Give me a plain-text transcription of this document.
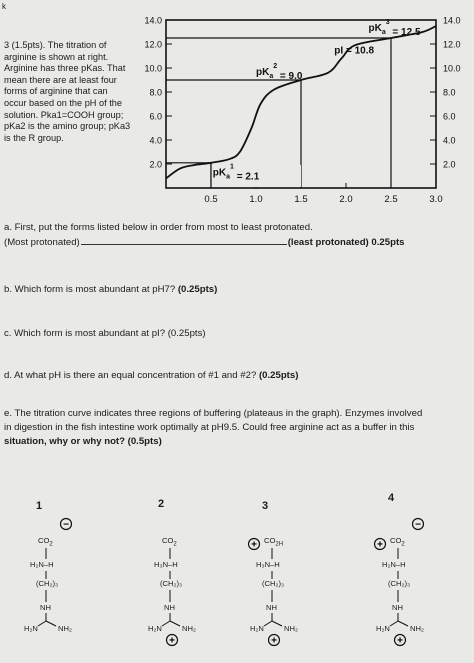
k
3 (1.5pts). The titration of arginine is shown at right. Arginine has three pKas. That mean there are at least four forms of arginine that can occur based on the pH of the solution. Pka1=COOH group; pKa2 is the amino group; pKa3 is the R group.
2.0
4.0
6.0
8.0
10.0
12.0
14.0
2.0
4.0
6.0
8.0
10.0
12.0
14.0
0.5	1.0	1.5	2.0	2.5	3.0
pKa1 = 2.1
pKa2 = 9.0
pKa3 = 12.5
pI = 10.8
a. First, put the forms listed below in order from most to least protonated.
(Most protonated)	(least protonated) 0.25pts
b. Which form is most abundant at pH7? (0.25pts)
c. Which form is most abundant at pI? (0.25pts)
d. At what pH is there an equal concentration of #1 and #2? (0.25pts)
e. The titration curve indicates three regions of buffering (plateaus in the graph). Enzymes involved
in digestion in the fish intestine work optimally at pH9.5. Could free arginine act as a buffer in this
situation, why or why not? (0.5pts)
1
−
$CO_2$
H₂N–H
(CH₂)₃
NH
H₂N	NH₂
2
+
$CO_2$
H₃N–H
(CH₂)₃
NH
H₂N	NH₂
3
+
+
$CO_{2H}$
H₃N–H
(CH₂)₃
NH
H₂N	NH₂
4
−
+
+
$CO_2$
H₂N–H
(CH₂)₃
NH
H₂N	NH₂
